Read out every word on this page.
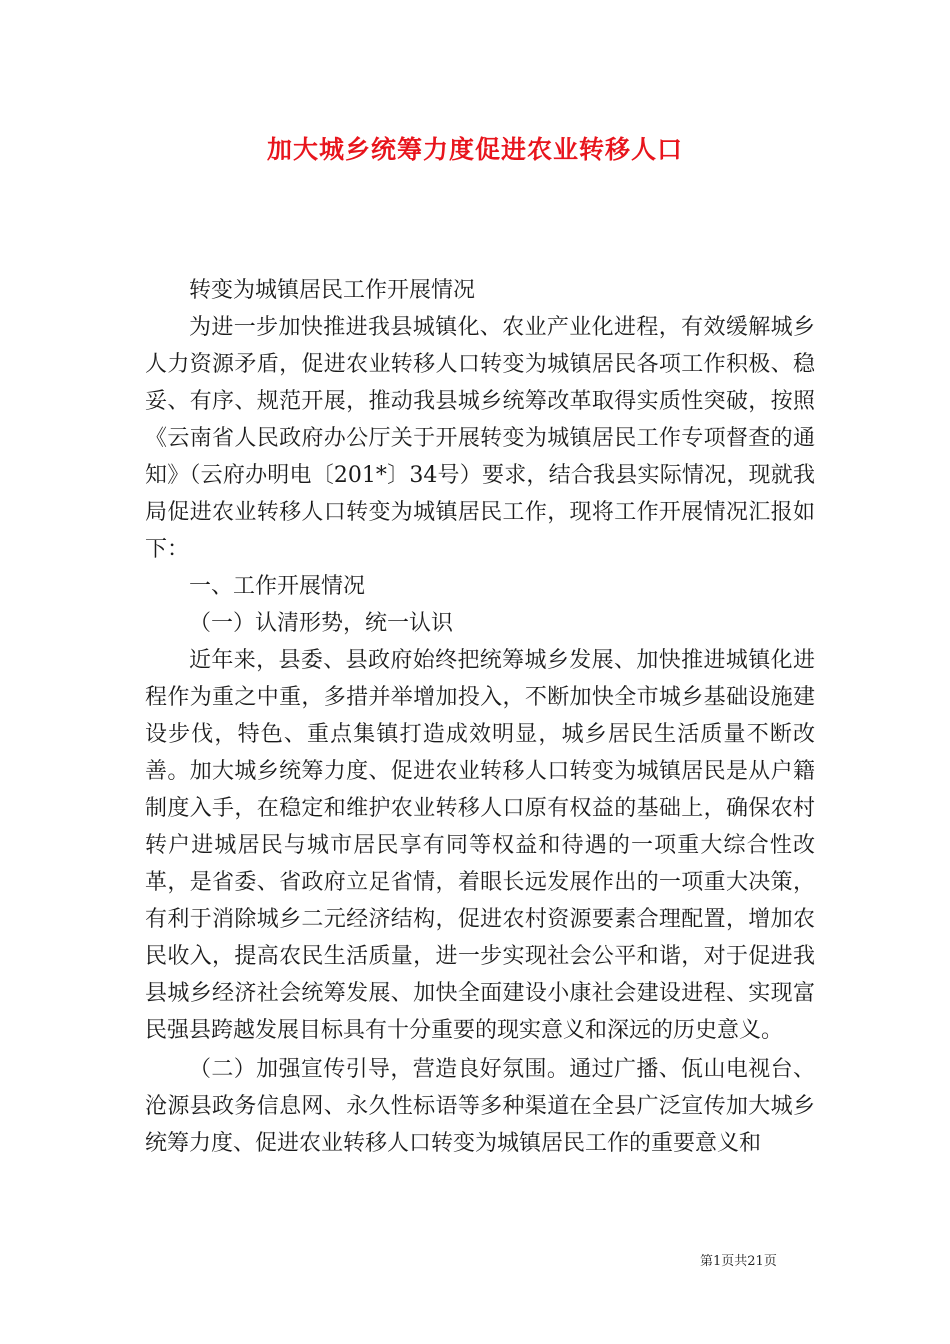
加大城乡统筹力度促进农业转移人口

转变为城镇居民工作开展情况

为进一步加快推进我县城镇化、农业产业化进程，有效缓解城乡人力资源矛盾，促进农业转移人口转变为城镇居民各项工作积极、稳妥、有序、规范开展，推动我县城乡统筹改革取得实质性突破，按照《云南省人民政府办公厅关于开展转变为城镇居民工作专项督查的通知》（云府办明电〔201*〕34号）要求，结合我县实际情况，现就我局促进农业转移人口转变为城镇居民工作，现将工作开展情况汇报如下：

一、工作开展情况

（一）认清形势，统一认识

近年来，县委、县政府始终把统筹城乡发展、加快推进城镇化进程作为重之中重，多措并举增加投入，不断加快全市城乡基础设施建设步伐，特色、重点集镇打造成效明显，城乡居民生活质量不断改善。加大城乡统筹力度、促进农业转移人口转变为城镇居民是从户籍制度入手，在稳定和维护农业转移人口原有权益的基础上，确保农村转户进城居民与城市居民享有同等权益和待遇的一项重大综合性改革，是省委、省政府立足省情，着眼长远发展作出的一项重大决策，有利于消除城乡二元经济结构，促进农村资源要素合理配置，增加农民收入，提高农民生活质量，进一步实现社会公平和谐，对于促进我县城乡经济社会统筹发展、加快全面建设小康社会建设进程、实现富民强县跨越发展目标具有十分重要的现实意义和深远的历史意义。

（二）加强宣传引导，营造良好氛围。通过广播、佤山电视台、沧源县政务信息网、永久性标语等多种渠道在全县广泛宣传加大城乡统筹力度、促进农业转移人口转变为城镇居民工作的重要意义和

第1页共21页
